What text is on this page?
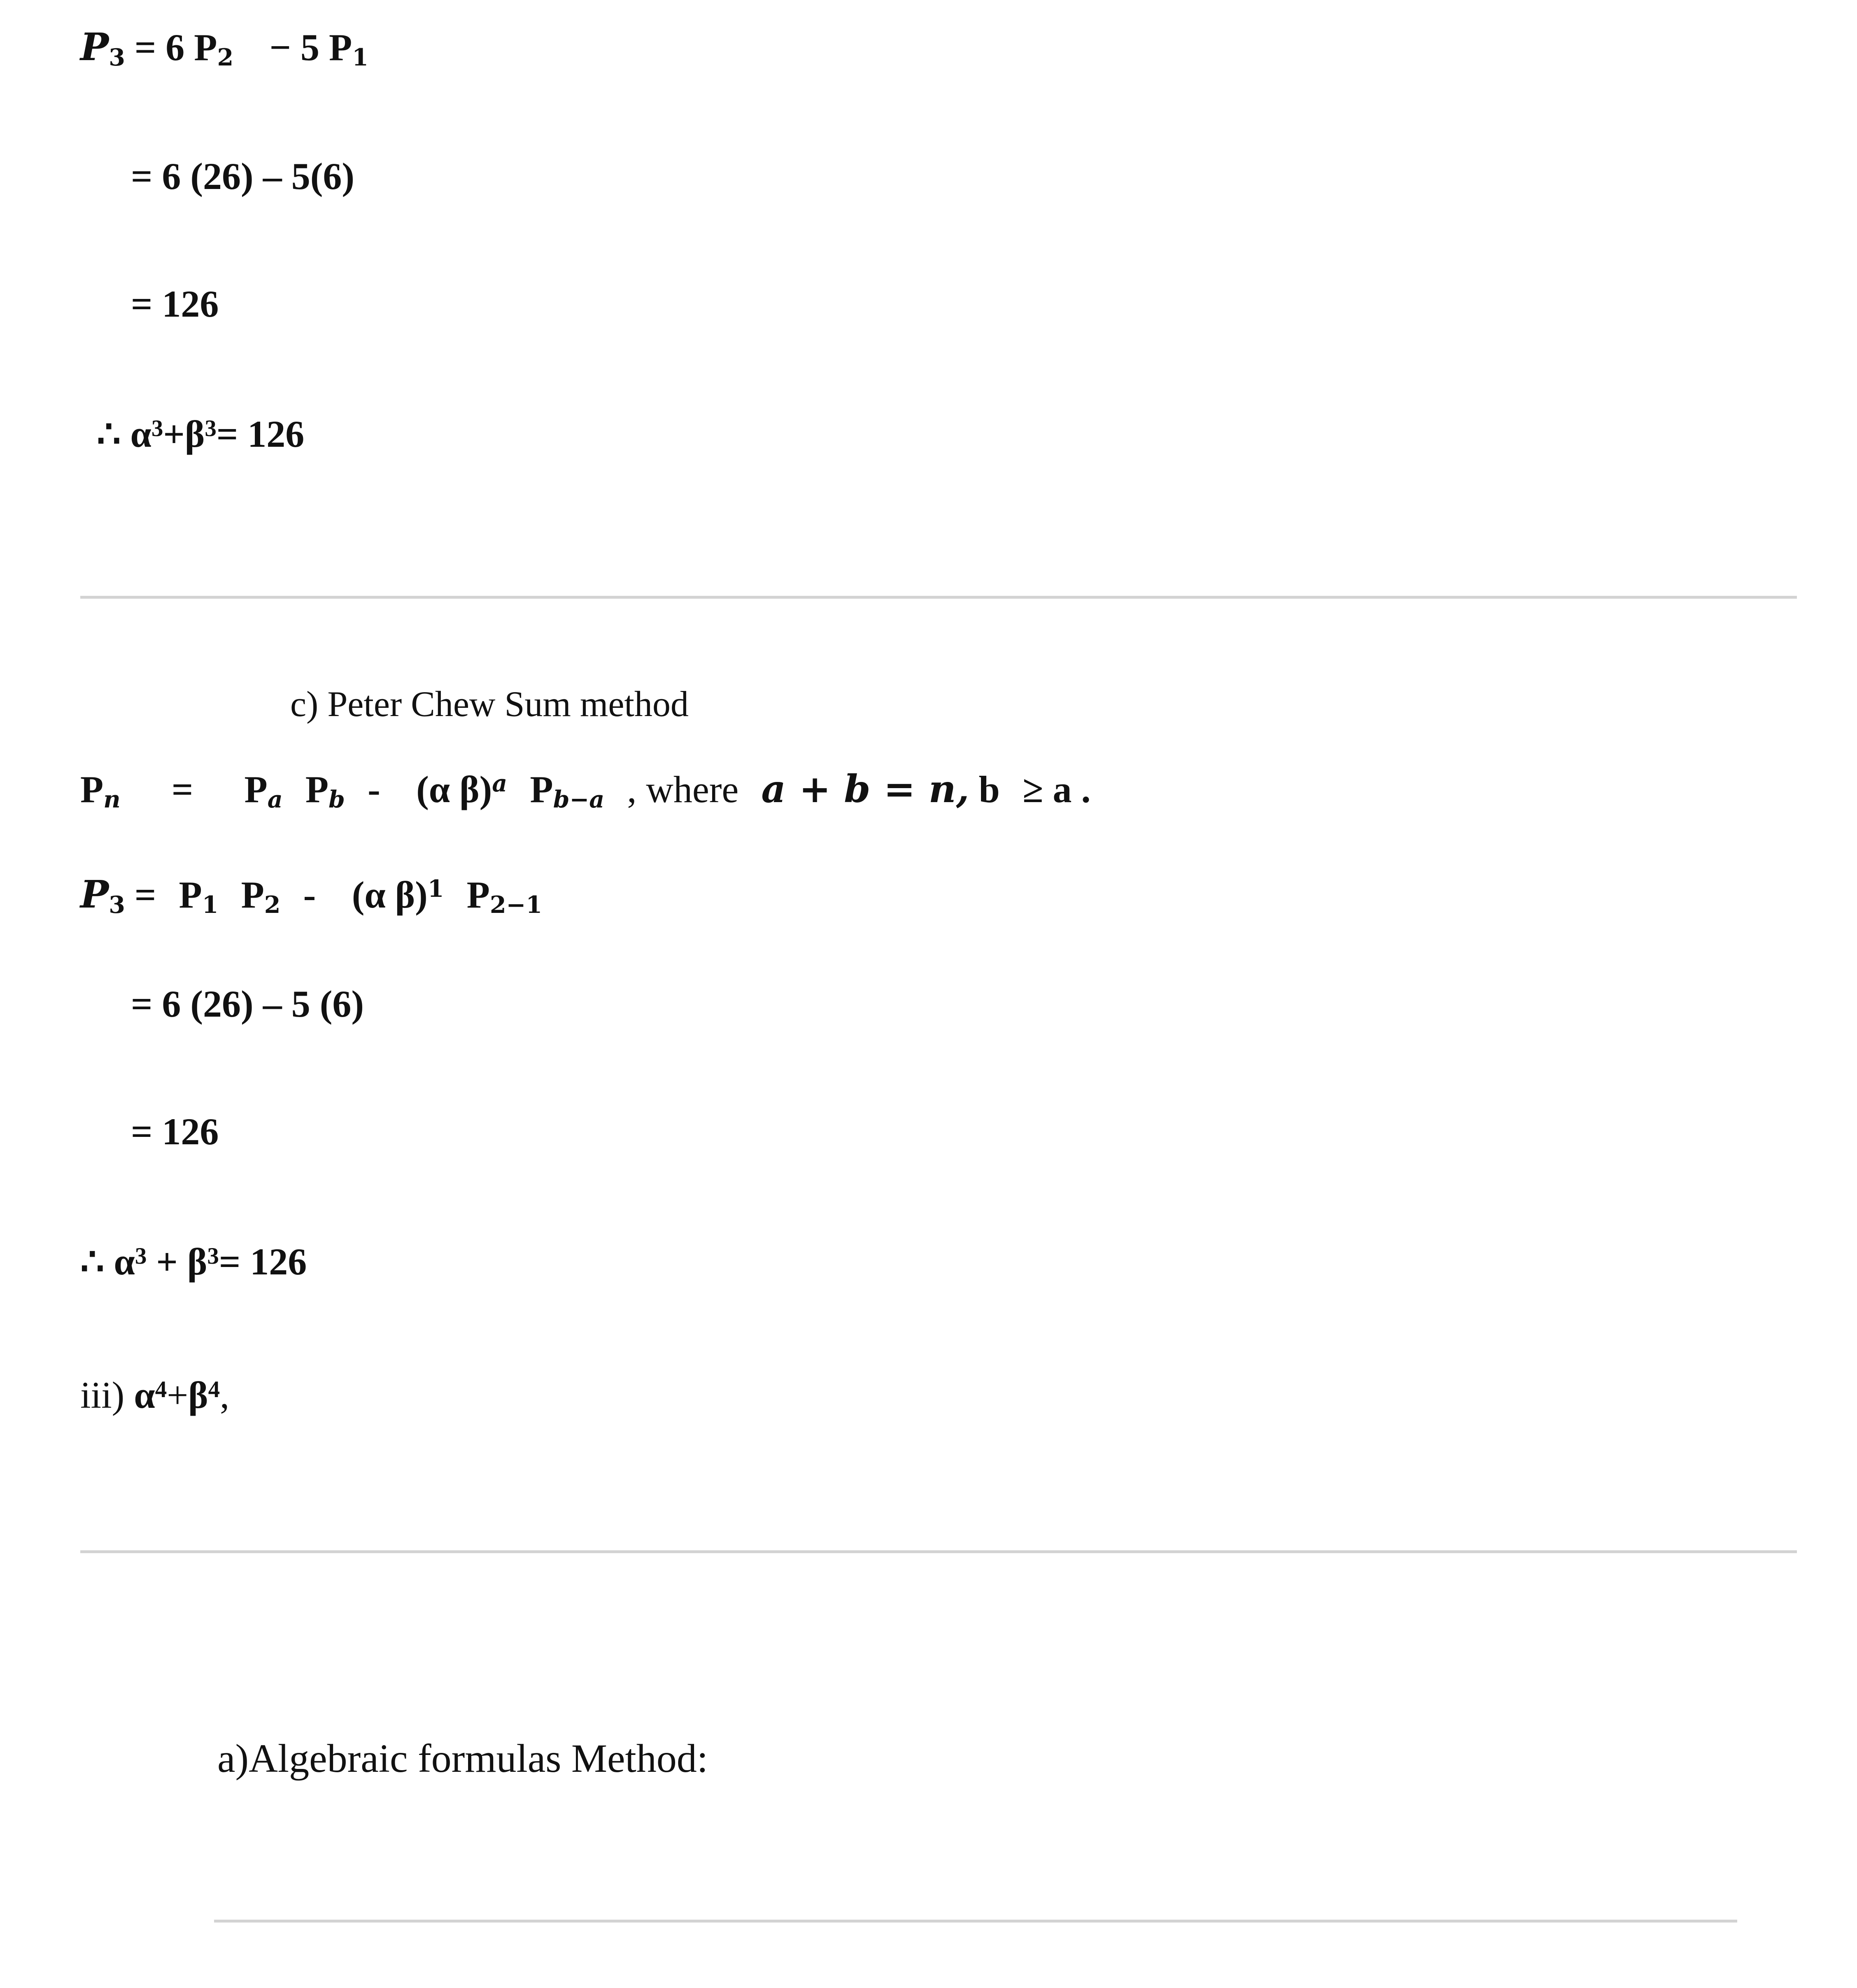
$P_3 = 6$ $P_2 - 5$ $P_1$
= 6 (26) – 5(6)
= 126
∴ $\alpha^3+\beta^3= 126$
c) Peter Chew Sum method
$P_n = P_a$ $P_b - (\alpha$ β)$^a$ $P_{b-a}$ , where a + b = n, b ≥ a .
$P_3 = P_1$ $P_2 - (\alpha$ β)$^1$ $P_{2-1}$
= 6 (26) – 5 (6)
= 126
∴ $\alpha^3 + \beta^3= 126$
iii) $\alpha^4+\beta^4$,
a)Algebraic formulas Method:
